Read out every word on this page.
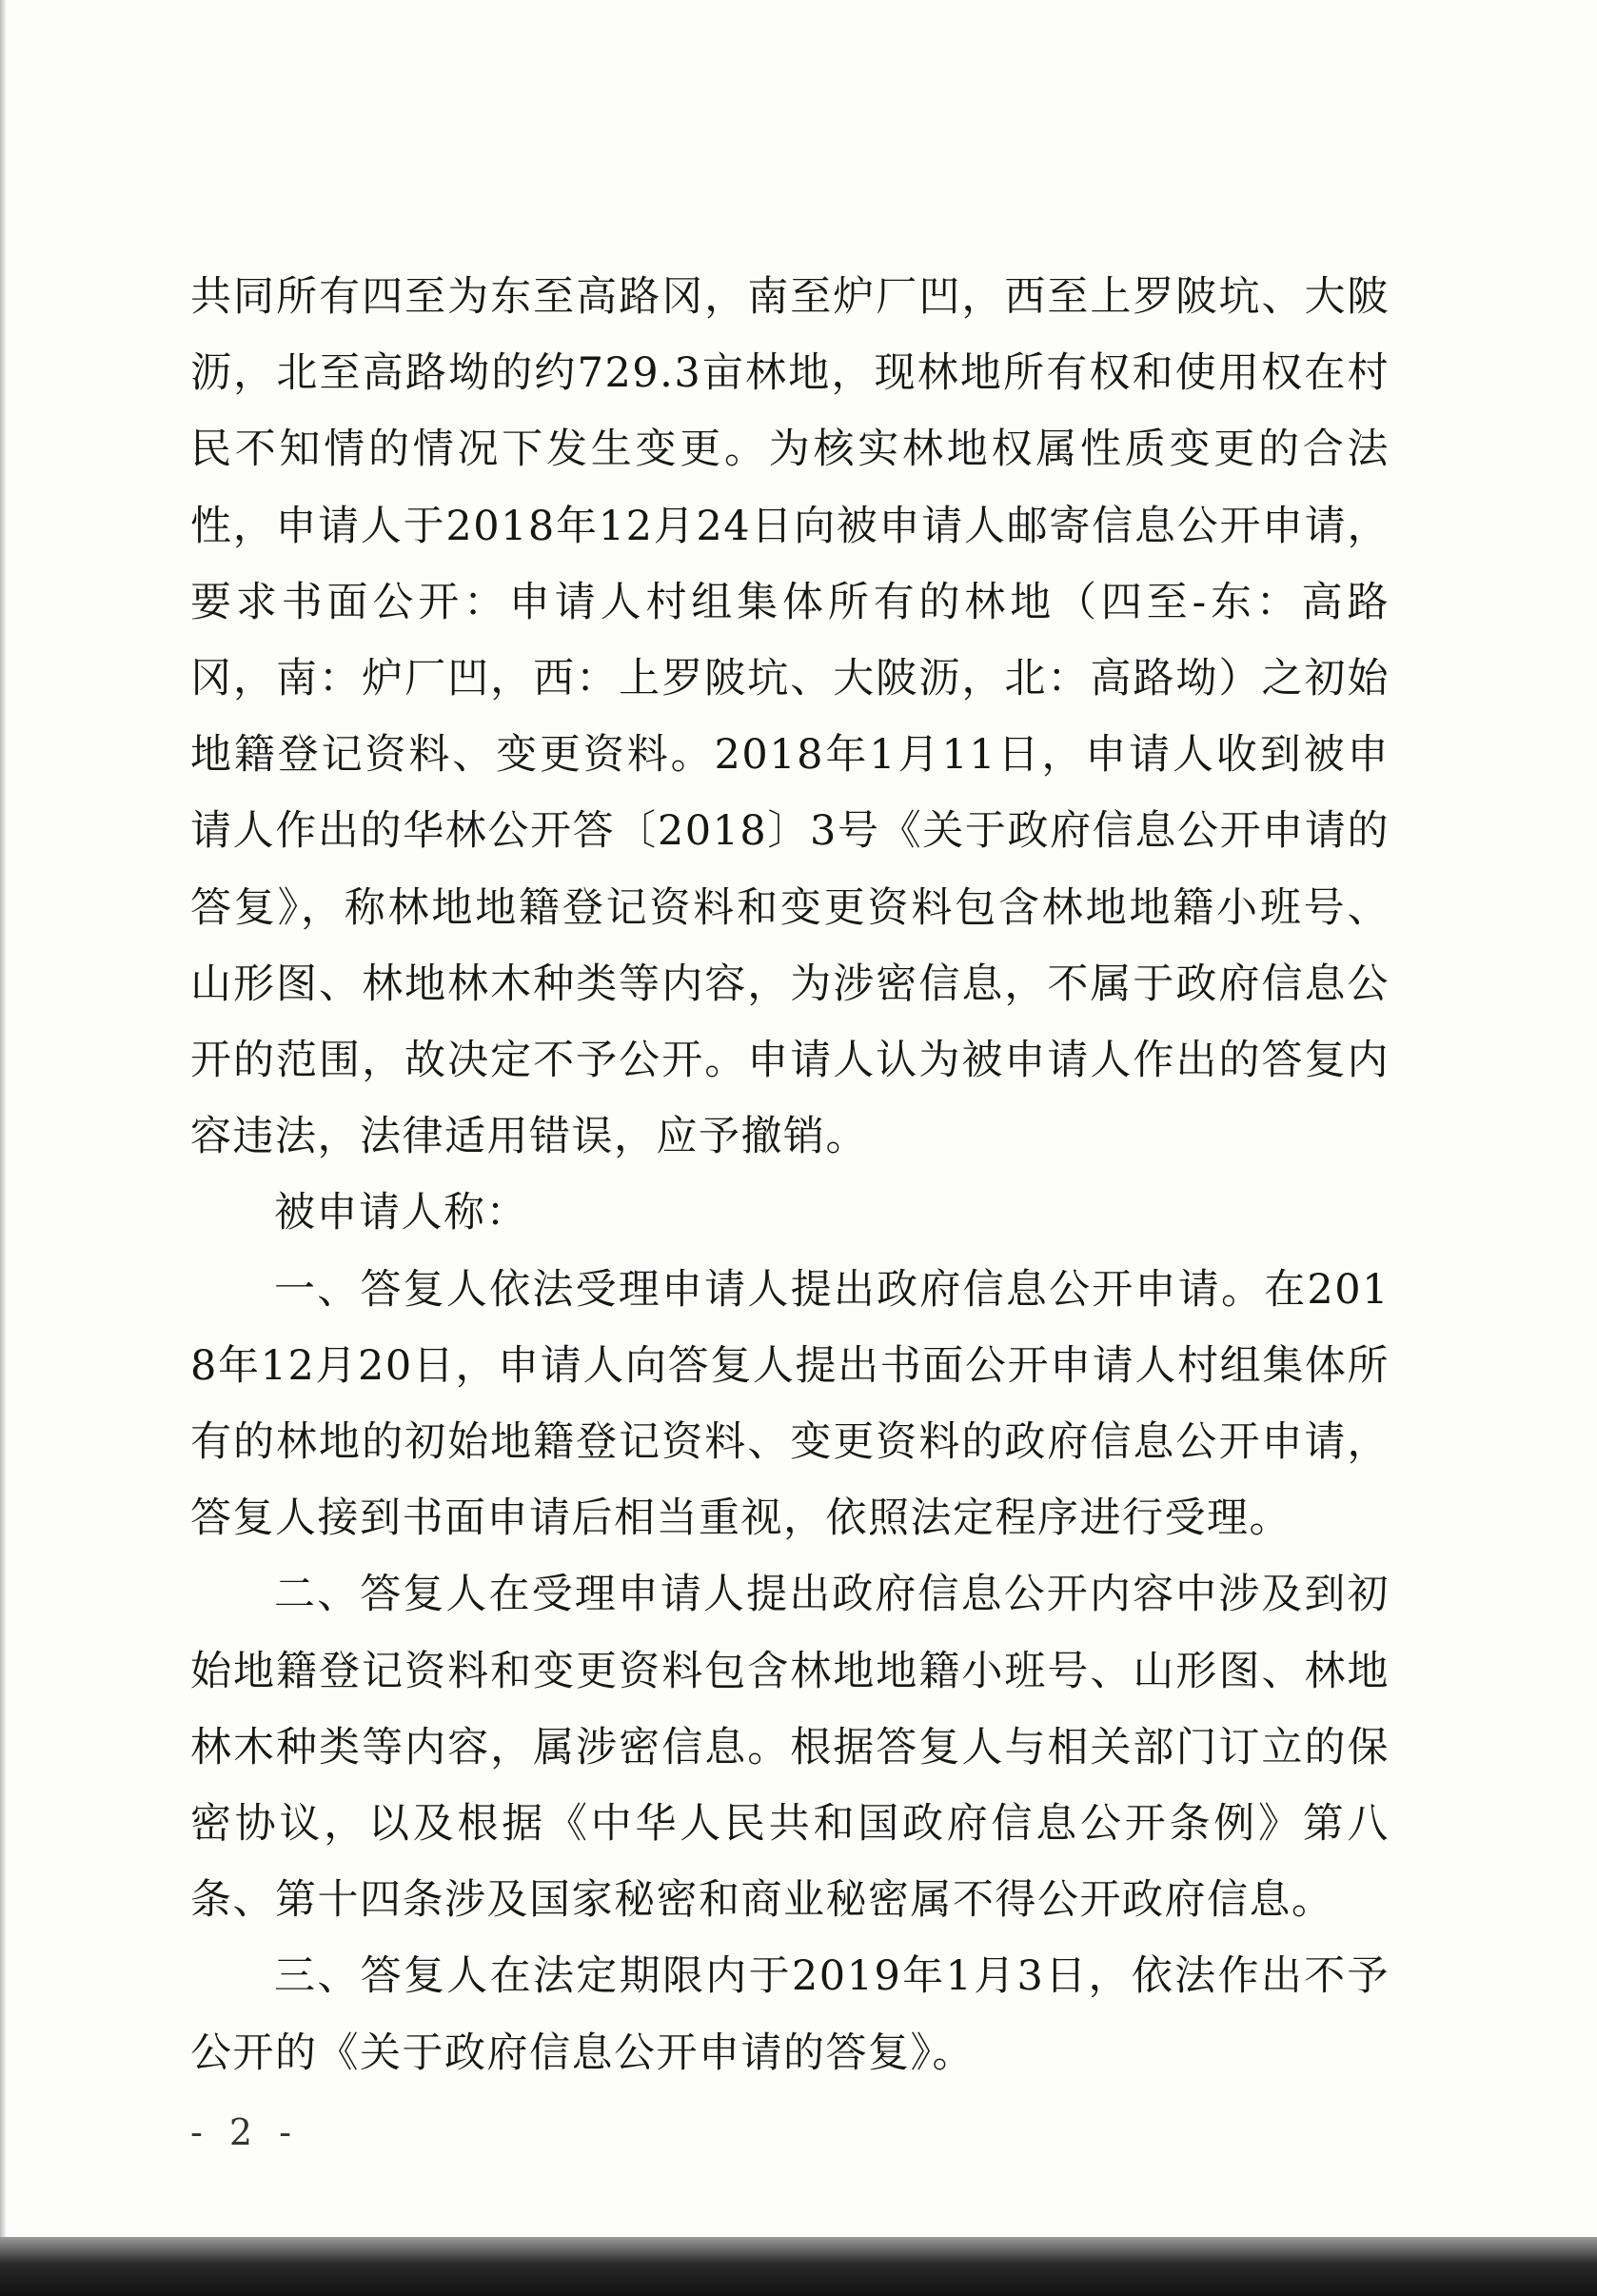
共同所有四至为东至高路冈，南至炉厂凹，西至上罗陂坑、大陂沥，北至高路坳的约729.3亩林地，现林地所有权和使用权在村民不知情的情况下发生变更。为核实林地权属性质变更的合法性，申请人于2018年12月24日向被申请人邮寄信息公开申请，要求书面公开：申请人村组集体所有的林地（四至-东：高路冈，南：炉厂凹，西：上罗陂坑、大陂沥，北：高路坳）之初始地籍登记资料、变更资料。2018年1月11日，申请人收到被申请人作出的华林公开答〔2018〕3号《关于政府信息公开申请的答复》，称林地地籍登记资料和变更资料包含林地地籍小班号、山形图、林地林木种类等内容，为涉密信息，不属于政府信息公开的范围，故决定不予公开。申请人认为被申请人作出的答复内容违法，法律适用错误，应予撤销。

被申请人称：

一、答复人依法受理申请人提出政府信息公开申请。在2018年12月20日，申请人向答复人提出书面公开申请人村组集体所有的林地的初始地籍登记资料、变更资料的政府信息公开申请，答复人接到书面申请后相当重视，依照法定程序进行受理。

二、答复人在受理申请人提出政府信息公开内容中涉及到初始地籍登记资料和变更资料包含林地地籍小班号、山形图、林地林木种类等内容，属涉密信息。根据答复人与相关部门订立的保密协议，以及根据《中华人民共和国政府信息公开条例》第八条、第十四条涉及国家秘密和商业秘密属不得公开政府信息。

三、答复人在法定期限内于2019年1月3日，依法作出不予公开的《关于政府信息公开申请的答复》。

- 2 -
